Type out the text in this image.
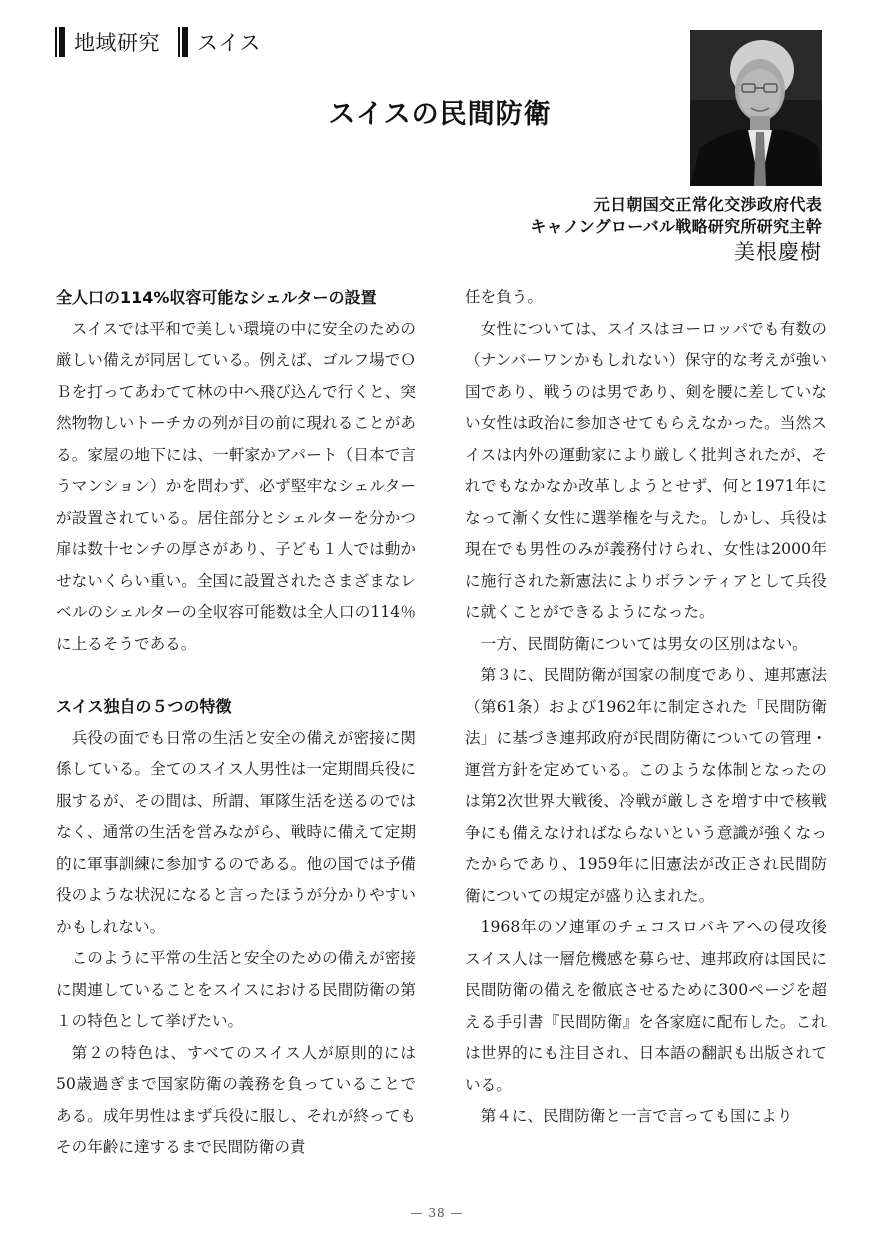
地域研究 スイス
スイスの民間防衛
元日朝国交正常化交渉政府代表
キャノングローバル戦略研究所研究主幹
美根慶樹
全人口の114%収容可能なシェルターの設置

スイスでは平和で美しい環境の中に安全のための厳しい備えが同居している。例えば、ゴルフ場でＯＢを打ってあわてて林の中へ飛び込んで行くと、突然物物しいトーチカの列が目の前に現れることがある。家屋の地下には、一軒家かアパート（日本で言うマンション）かを問わず、必ず堅牢なシェルターが設置されている。居住部分とシェルターを分かつ扉は数十センチの厚さがあり、子ども１人では動かせないくらい重い。全国に設置されたさまざまなレベルのシェルターの全収容可能数は全人口の114％に上るそうである。

スイス独自の５つの特徴

兵役の面でも日常の生活と安全の備えが密接に関係している。全てのスイス人男性は一定期間兵役に服するが、その間は、所謂、軍隊生活を送るのではなく、通常の生活を営みながら、戦時に備えて定期的に軍事訓練に参加するのである。他の国では予備役のような状況になると言ったほうが分かりやすいかもしれない。

このように平常の生活と安全のための備えが密接に関連していることをスイスにおける民間防衛の第１の特色として挙げたい。

第２の特色は、すべてのスイス人が原則的には50歳過ぎまで国家防衛の義務を負っていることである。成年男性はまず兵役に服し、それが終ってもその年齢に達するまで民間防衛の責

任を負う。

女性については、スイスはヨーロッパでも有数の（ナンバーワンかもしれない）保守的な考えが強い国であり、戦うのは男であり、剣を腰に差していない女性は政治に参加させてもらえなかった。当然スイスは内外の運動家により厳しく批判されたが、それでもなかなか改革しようとせず、何と1971年になって漸く女性に選挙権を与えた。しかし、兵役は現在でも男性のみが義務付けられ、女性は2000年に施行された新憲法によりボランティアとして兵役に就くことができるようになった。

一方、民間防衛については男女の区別はない。

第３に、民間防衛が国家の制度であり、連邦憲法（第61条）および1962年に制定された「民間防衛法」に基づき連邦政府が民間防衛についての管理・運営方針を定めている。このような体制となったのは第2次世界大戦後、冷戦が厳しさを増す中で核戦争にも備えなければならないという意識が強くなったからであり、1959年に旧憲法が改正され民間防衛についての規定が盛り込まれた。

1968年のソ連軍のチェコスロバキアへの侵攻後スイス人は一層危機感を募らせ、連邦政府は国民に民間防衛の備えを徹底させるために300ページを超える手引書『民間防衛』を各家庭に配布した。これは世界的にも注目され、日本語の翻訳も出版されている。

第４に、民間防衛と一言で言っても国により

— 38 —
